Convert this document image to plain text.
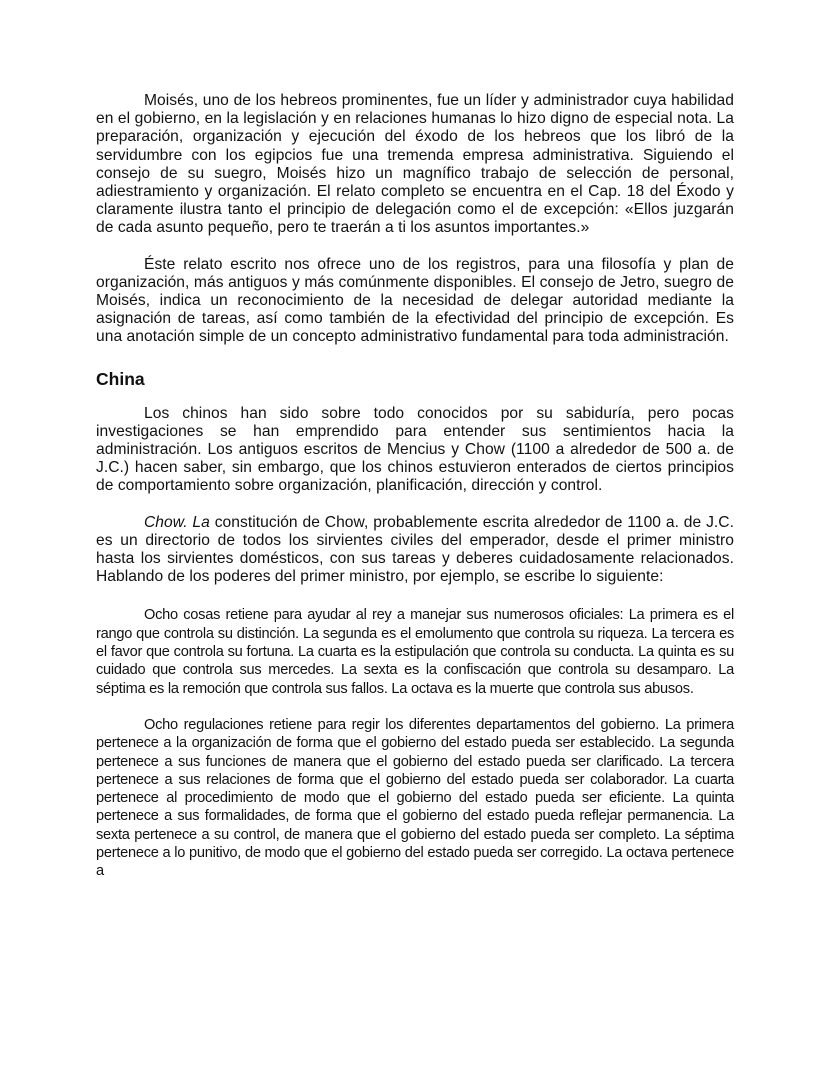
Moisés, uno de los hebreos prominentes, fue un líder y administrador cuya habilidad en el gobierno, en la legislación y en relaciones humanas lo hizo digno de especial nota. La preparación, organización y ejecución del éxodo de los hebreos que los libró de la servidumbre con los egipcios fue una tremenda empresa administrativa. Siguiendo el consejo de su suegro, Moisés hizo un magnífico trabajo de selección de personal, adiestramiento y organización. El relato completo se encuentra en el Cap. 18 del Éxodo y claramente ilustra tanto el principio de delegación como el de excepción: «Ellos juzgarán de cada asunto pequeño, pero te traerán a ti los asuntos importantes.»

Éste relato escrito nos ofrece uno de los registros, para una filosofía y plan de organización, más antiguos y más comúnmente disponibles. El consejo de Jetro, suegro de Moisés, indica un reconocimiento de la necesidad de delegar autoridad mediante la asignación de tareas, así como también de la efectividad del principio de excepción. Es una anotación simple de un concepto administrativo fundamental para toda administración.

China

Los chinos han sido sobre todo conocidos por su sabiduría, pero pocas investigaciones se han emprendido para entender sus sentimientos hacia la administración. Los antiguos escritos de Mencius y Chow (1100 a alrededor de 500 a. de J.C.) hacen saber, sin embargo, que los chinos estuvieron enterados de ciertos principios de comportamiento sobre organización, planificación, dirección y control.

Chow. La constitución de Chow, probablemente escrita alrededor de 1100 a. de J.C. es un directorio de todos los sirvientes civiles del emperador, desde el primer ministro hasta los sirvientes domésticos, con sus tareas y deberes cuidadosamente relacionados. Hablando de los poderes del primer ministro, por ejemplo, se escribe lo siguiente:

Ocho cosas retiene para ayudar al rey a manejar sus numerosos oficiales: La primera es el rango que controla su distinción. La segunda es el emolumento que controla su riqueza. La tercera es el favor que controla su fortuna. La cuarta es la estipulación que controla su conducta. La quinta es su cuidado que controla sus mercedes. La sexta es la confiscación que controla su desamparo. La séptima es la remoción que controla sus fallos. La octava es la muerte que controla sus abusos.

Ocho regulaciones retiene para regir los diferentes departamentos del gobierno. La primera pertenece a la organización de forma que el gobierno del estado pueda ser establecido. La segunda pertenece a sus funciones de manera que el gobierno del estado pueda ser clarificado. La tercera pertenece a sus relaciones de forma que el gobierno del estado pueda ser colaborador. La cuarta pertenece al procedimiento de modo que el gobierno del estado pueda ser eficiente. La quinta pertenece a sus formalidades, de forma que el gobierno del estado pueda reflejar permanencia. La sexta pertenece a su control, de manera que el gobierno del estado pueda ser completo. La séptima pertenece a lo punitivo, de modo que el gobierno del estado pueda ser corregido. La octava pertenece a
